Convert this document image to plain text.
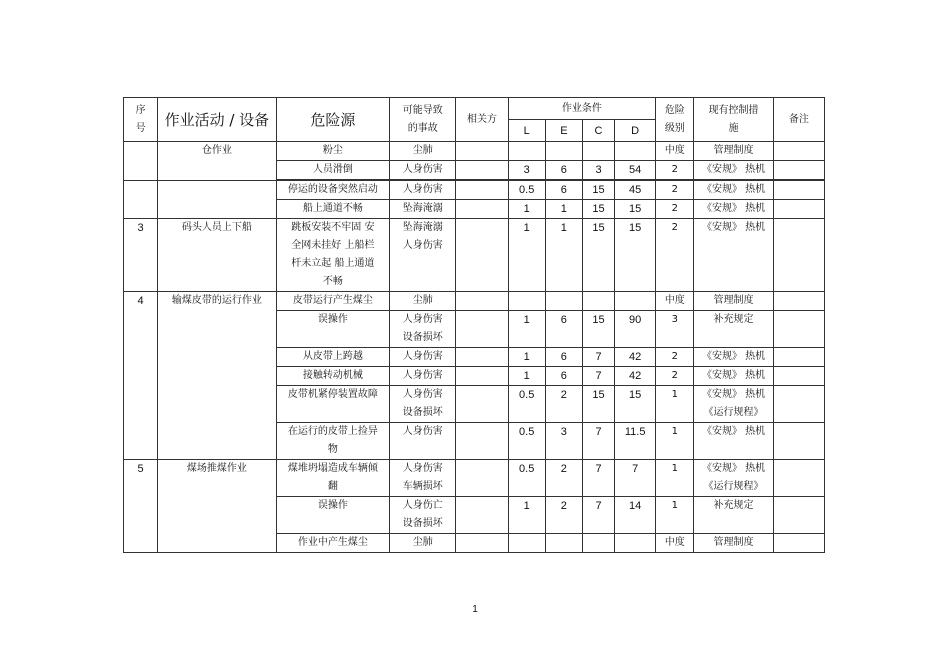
序号	作业活动 / 设备	危险源	可能导致的事故	相关方	作业条件				危险级别	现有控制措施	备注
					L	E	C	D			
	仓作业	粉尘	尘肺						中度	管理制度	
		人员滑倒	人身伤害		3	6	3	54	2	《安规》 热机	

		停运的设备突然启动	人身伤害		0.5	6	15	45	2	《安规》 热机	
		船上通道不畅	坠海淹溺		1	1	15	15	2	《安规》 热机	
3	码头人员上下船	跳板安装不牢固 安全网未挂好 上船栏杆未立起 船上通道不畅	坠海淹溺 人身伤害		1	1	15	15	2	《安规》 热机	
4	输煤皮带的运行作业	皮带运行产生煤尘	尘肺						中度	管理制度	
		误操作	人身伤害 设备损坏		1	6	15	90	3	补充规定	
		从皮带上跨越	人身伤害		1	6	7	42	2	《安规》 热机	
		接触转动机械	人身伤害		1	6	7	42	2	《安规》 热机	

		皮带机紧停装置故障	人身伤害 设备损坏		0.5	2	15	15	1	《安规》 热机 《运行规程》	

		在运行的皮带上捡异物	人身伤害		0.5	3	7	11.5	1	《安规》 热机	
5	煤场推煤作业	煤堆坍塌造成车辆倾翻	人身伤害 车辆损坏		0.5	2	7	7	1	《安规》 热机 《运行规程》	

		误操作	人身伤亡 设备损坏		1	2	7	14	1	补充规定	
		作业中产生煤尘	尘肺						中度	管理制度	
1
